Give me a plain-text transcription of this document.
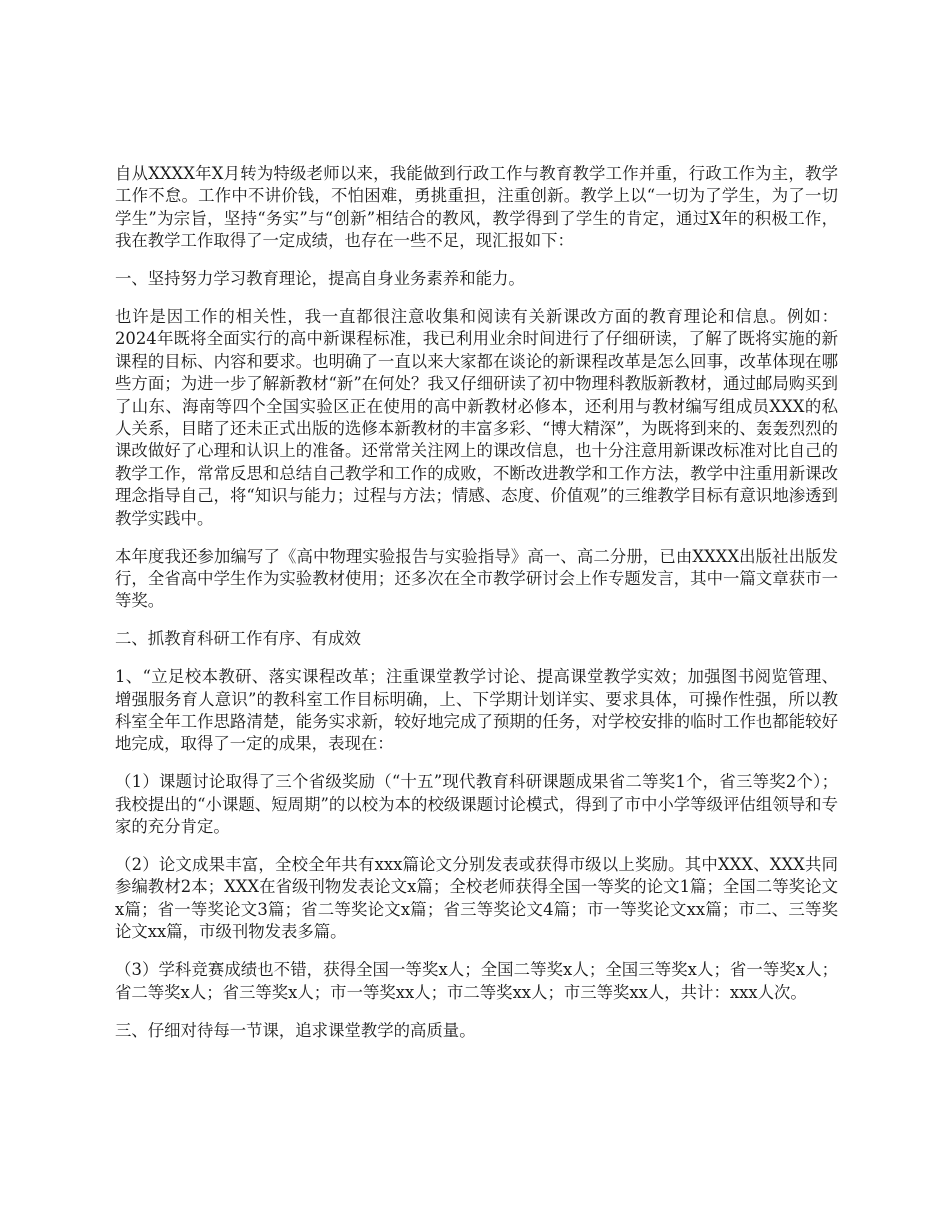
自从XXXX年X月转为特级老师以来，我能做到行政工作与教育教学工作并重，行政工作为主，教学工作不怠。工作中不讲价钱，不怕困难，勇挑重担，注重创新。教学上以“一切为了学生，为了一切学生”为宗旨，坚持“务实”与“创新”相结合的教风，教学得到了学生的肯定，通过X年的积极工作，我在教学工作取得了一定成绩，也存在一些不足，现汇报如下：

一、坚持努力学习教育理论，提高自身业务素养和能力。

也许是因工作的相关性，我一直都很注意收集和阅读有关新课改方面的教育理论和信息。例如：2024年既将全面实行的高中新课程标准，我已利用业余时间进行了仔细研读，了解了既将实施的新课程的目标、内容和要求。也明确了一直以来大家都在谈论的新课程改革是怎么回事，改革体现在哪些方面；为进一步了解新教材“新”在何处？我又仔细研读了初中物理科教版新教材，通过邮局购买到了山东、海南等四个全国实验区正在使用的高中新教材必修本，还利用与教材编写组成员XXX的私人关系，目睹了还未正式出版的选修本新教材的丰富多彩、“博大精深”，为既将到来的、轰轰烈烈的课改做好了心理和认识上的准备。还常常关注网上的课改信息，也十分注意用新课改标准对比自己的教学工作，常常反思和总结自己教学和工作的成败，不断改进教学和工作方法，教学中注重用新课改理念指导自己，将“知识与能力；过程与方法；情感、态度、价值观”的三维教学目标有意识地渗透到教学实践中。

本年度我还参加编写了《高中物理实验报告与实验指导》高一、高二分册，已由XXXX出版社出版发行，全省高中学生作为实验教材使用；还多次在全市教学研讨会上作专题发言，其中一篇文章获市一等奖。

二、抓教育科研工作有序、有成效

1、“立足校本教研、落实课程改革；注重课堂教学讨论、提高课堂教学实效；加强图书阅览管理、增强服务育人意识”的教科室工作目标明确，上、下学期计划详实、要求具体，可操作性强，所以教科室全年工作思路清楚，能务实求新，较好地完成了预期的任务，对学校安排的临时工作也都能较好地完成，取得了一定的成果，表现在：

（1）课题讨论取得了三个省级奖励（“十五”现代教育科研课题成果省二等奖1个，省三等奖2个）；我校提出的“小课题、短周期”的以校为本的校级课题讨论模式，得到了市中小学等级评估组领导和专家的充分肯定。

（2）论文成果丰富，全校全年共有xxx篇论文分别发表或获得市级以上奖励。其中XXX、XXX共同参编教材2本；XXX在省级刊物发表论文x篇；全校老师获得全国一等奖的论文1篇；全国二等奖论文x篇；省一等奖论文3篇；省二等奖论文x篇；省三等奖论文4篇；市一等奖论文xx篇；市二、三等奖论文xx篇，市级刊物发表多篇。

（3）学科竞赛成绩也不错，获得全国一等奖x人；全国二等奖x人；全国三等奖x人；省一等奖x人；省二等奖x人；省三等奖x人；市一等奖xx人；市二等奖xx人；市三等奖xx人，共计：xxx人次。

三、仔细对待每一节课，追求课堂教学的高质量。
